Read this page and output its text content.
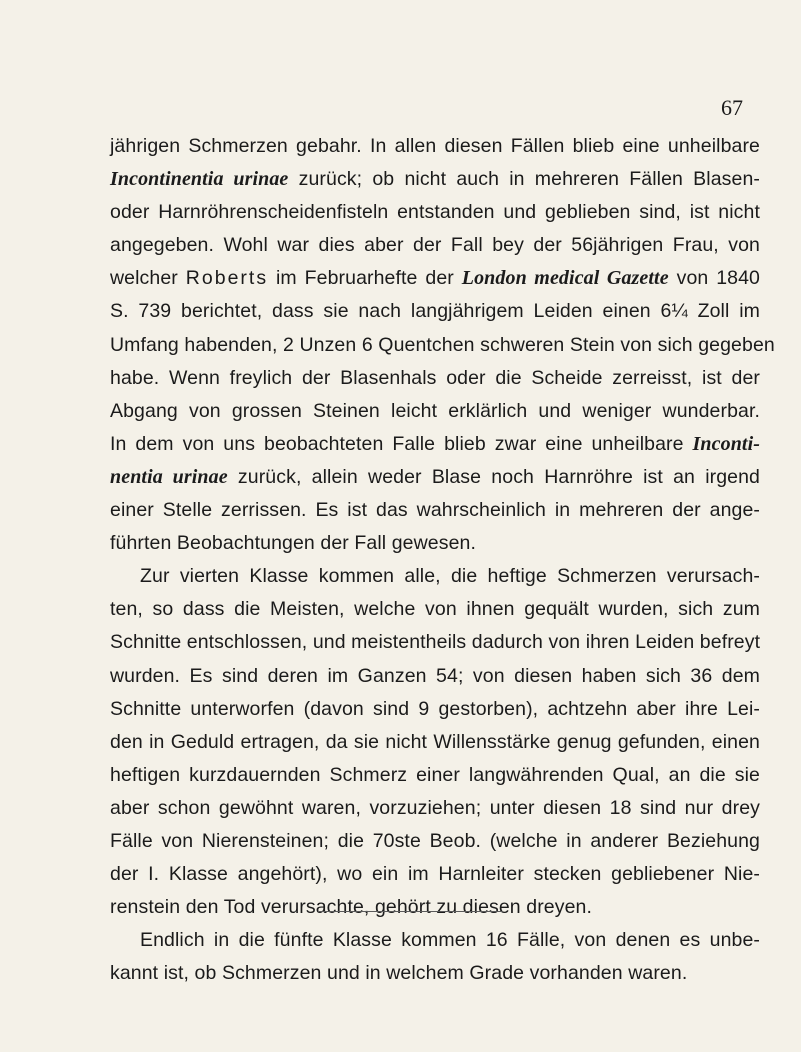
67
jährigen Schmerzen gebahr. In allen diesen Fällen blieb eine unheilbare
Incontinentia urinae zurück; ob nicht auch in mehreren Fällen Blasen-
oder Harnröhrenscheidenfisteln entstanden und geblieben sind, ist nicht
angegeben. Wohl war dies aber der Fall bey der 56jährigen Frau, von
welcher Roberts im Februarhefte der London medical Gazette von 1840
S. 739 berichtet, dass sie nach langjährigem Leiden einen 6¼ Zoll im
Umfang habenden, 2 Unzen 6 Quentchen schweren Stein von sich gegeben
habe. Wenn freylich der Blasenhals oder die Scheide zerreisst, ist der
Abgang von grossen Steinen leicht erklärlich und weniger wunderbar.
In dem von uns beobachteten Falle blieb zwar eine unheilbare Inconti-
nentia urinae zurück, allein weder Blase noch Harnröhre ist an irgend
einer Stelle zerrissen. Es ist das wahrscheinlich in mehreren der ange-
führten Beobachtungen der Fall gewesen.
Zur vierten Klasse kommen alle, die heftige Schmerzen verursach-
ten, so dass die Meisten, welche von ihnen gequält wurden, sich zum
Schnitte entschlossen, und meistentheils dadurch von ihren Leiden befreyt
wurden. Es sind deren im Ganzen 54; von diesen haben sich 36 dem
Schnitte unterworfen (davon sind 9 gestorben), achtzehn aber ihre Lei-
den in Geduld ertragen, da sie nicht Willensstärke genug gefunden, einen
heftigen kurzdauernden Schmerz einer langwährenden Qual, an die sie
aber schon gewöhnt waren, vorzuziehen; unter diesen 18 sind nur drey
Fälle von Nierensteinen; die 70ste Beob. (welche in anderer Beziehung
der I. Klasse angehört), wo ein im Harnleiter stecken gebliebener Nie-
renstein den Tod verursachte, gehört zu diesen dreyen.
Endlich in die fünfte Klasse kommen 16 Fälle, von denen es unbe-
kannt ist, ob Schmerzen und in welchem Grade vorhanden waren.
